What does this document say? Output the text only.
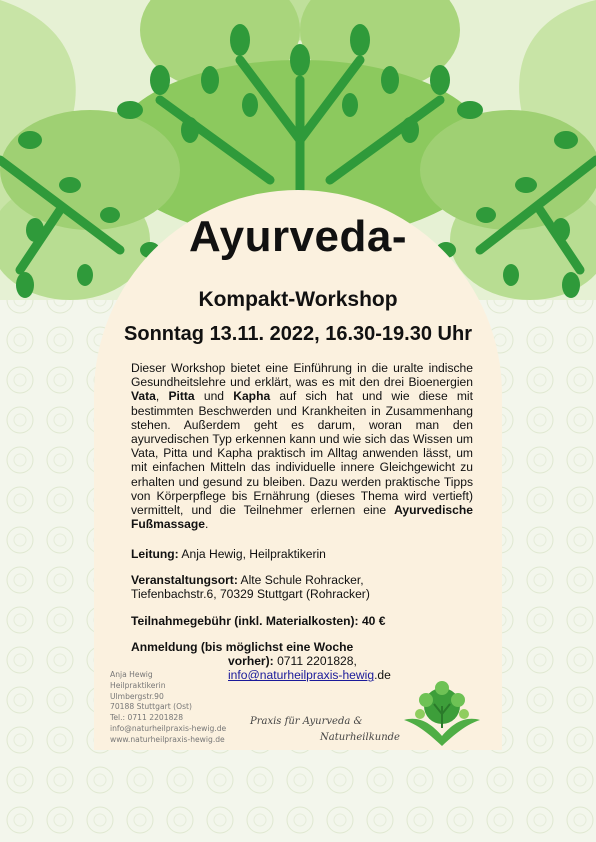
Ayurveda-
Kompakt-Workshop
Sonntag 13.11. 2022, 16.30-19.30 Uhr
Dieser Workshop bietet eine Einführung in die uralte indische Gesundheitslehre und erklärt, was es mit den drei Bioenergien Vata, Pitta und Kapha auf sich hat und wie diese mit bestimmten Beschwerden und Krankheiten in Zusammenhang stehen. Außerdem geht es darum, woran man den ayurvedischen Typ erkennen kann und wie sich das Wissen um Vata, Pitta und Kapha praktisch im Alltag anwenden lässt, um mit einfachen Mitteln das individuelle innere Gleichgewicht zu erhalten und gesund zu bleiben. Dazu werden praktische Tipps von Körperpflege bis Ernährung (dieses Thema wird vertieft) vermittelt, und die Teilnehmer erlernen eine Ayurvedische Fußmassage.
Leitung: Anja Hewig, Heilpraktikerin
Veranstaltungsort: Alte Schule Rohracker,
Tiefenbachstr.6, 70329 Stuttgart (Rohracker)
Teilnahmegebühr (inkl. Materialkosten): 40 €
Anmeldung (bis möglichst eine Woche
vorher): 0711 2201828,
info@naturheilpraxis-hewig.de
Anja Hewig
Heilpraktikerin
Ulmbergstr.90
70188 Stuttgart (Ost)
Tel.: 0711 2201828
info@naturheilpraxis-hewig.de
www.naturheilpraxis-hewig.de
Praxis für Ayurveda &
Naturheilkunde
